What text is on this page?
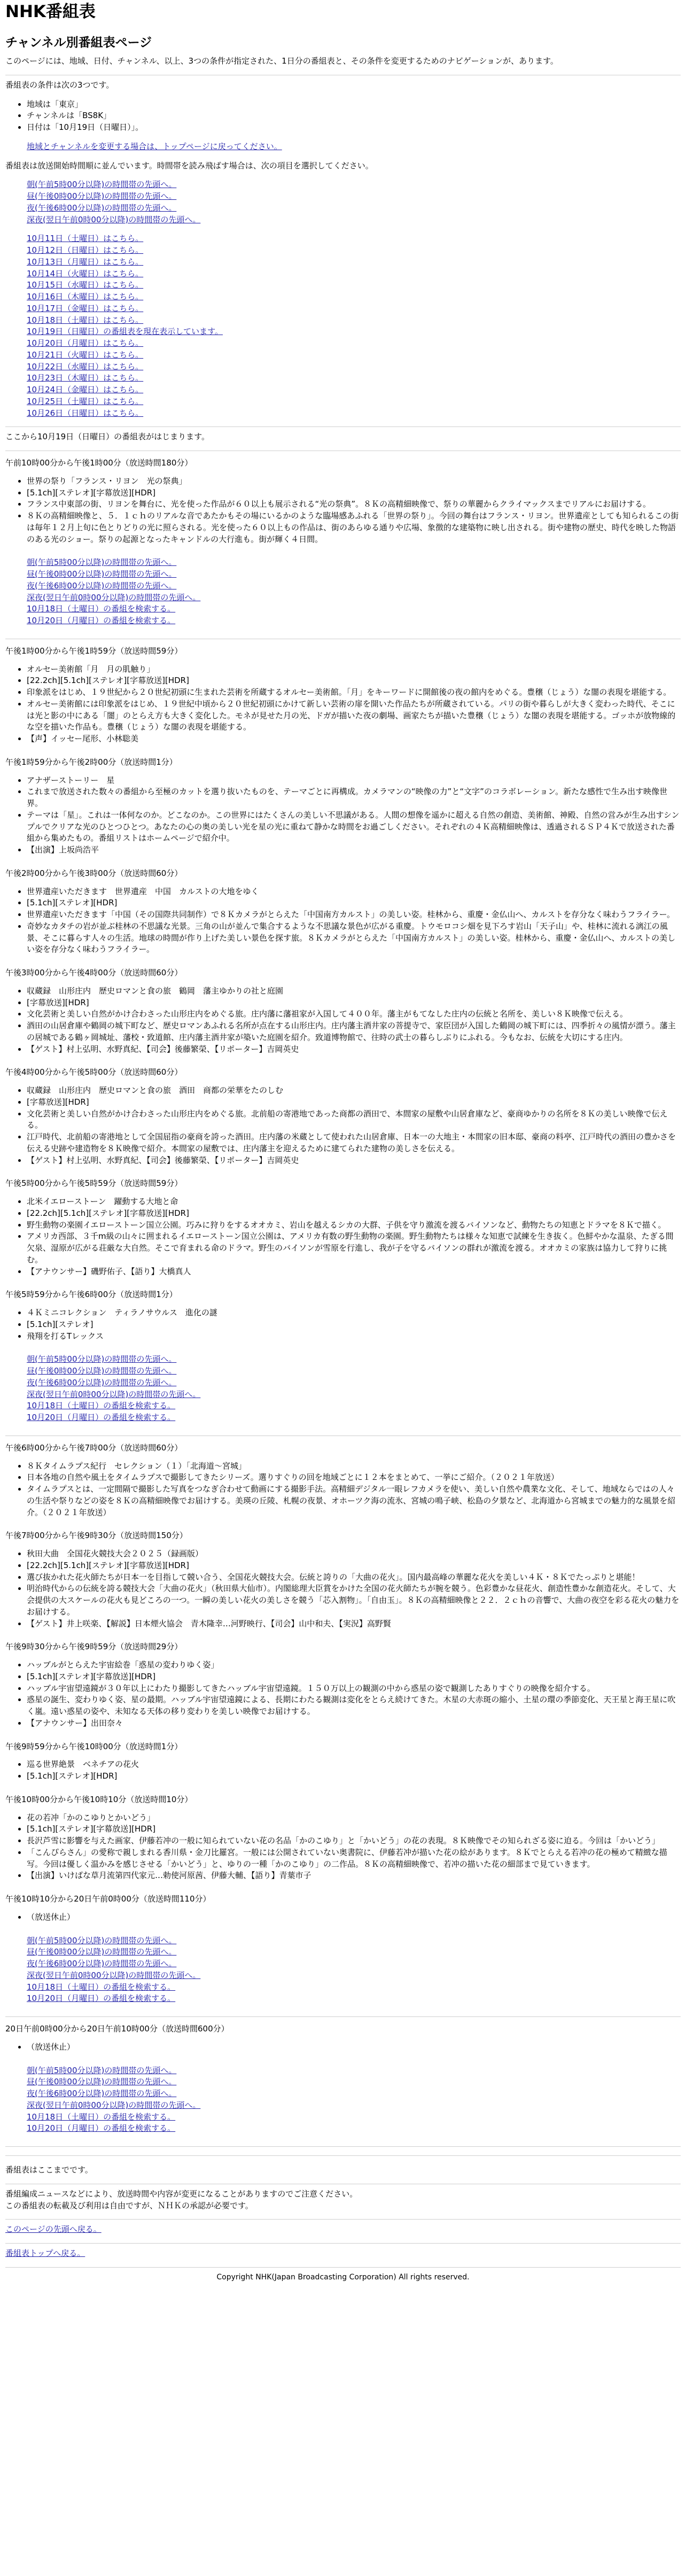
NHK番組表
チャンネル別番組表ページ

このページには、地域、日付、チャンネル、以上、3つの条件が指定された、1日分の番組表と、その条件を変更するためのナビゲーションが、あります。

番組表の条件は次の3つです。

• 地域は「東京」
• チャンネルは「BS8K」
• 日付は「10月19日（日曜日）」。
地域とチャンネルを変更する場合は、トップページに戻ってください。

番組表は放送開始時間順に並んでいます。時間帯を読み飛ばす場合は、次の項目を選択してください。

朝(午前5時00分以降)の時間帯の先頭へ。
昼(午後0時00分以降)の時間帯の先頭へ。
夜(午後6時00分以降)の時間帯の先頭へ。
深夜(翌日午前0時00分以降)の時間帯の先頭へ。
10月11日（土曜日）はこちら。
10月12日（日曜日）はこちら。
10月13日（月曜日）はこちら。
10月14日（火曜日）はこちら。
10月15日（水曜日）はこちら。
10月16日（木曜日）はこちら。
10月17日（金曜日）はこちら。
10月18日（土曜日）はこちら。
10月19日（日曜日）の番組表を現在表示しています。
10月20日（月曜日）はこちら。
10月21日（火曜日）はこちら。
10月22日（水曜日）はこちら。
10月23日（木曜日）はこちら。
10月24日（金曜日）はこちら。
10月25日（土曜日）はこちら。
10月26日（日曜日）はこちら。

ここから10月19日（日曜日）の番組表がはじまります。

午前10時00分から午後1時00分（放送時間180分）

• 世界の祭り「フランス・リヨン　光の祭典」
• [5.1ch][ステレオ][字幕放送][HDR]
• フランス中東部の街、リヨンを舞台に、光を使った作品が６０以上も展示される“光の祭典”。８Ｋの高精細映像で、祭りの華麗からクライマックスまでリアルにお届けする。
• ８Ｋの高精細映像と、５．１ｃｈのリアルな音であたかもその場にいるかのような臨場感あふれる「世界の祭り」。今回の舞台はフランス・リヨン。世界遺産としても知られるこの街は毎年１２月上旬に色とりどりの光に照らされる。光を使った６０以上もの作品は、街のあらゆる通りや広場、象徴的な建築物に映し出される。街や建物の歴史、時代を映した物語のある光のショー。祭りの起源となったキャンドルの大行進も。街が輝く４日間。
朝(午前5時00分以降)の時間帯の先頭へ。
昼(午後0時00分以降)の時間帯の先頭へ。
夜(午後6時00分以降)の時間帯の先頭へ。
深夜(翌日午前0時00分以降)の時間帯の先頭へ。
10月18日（土曜日）の番組を検索する。
10月20日（月曜日）の番組を検索する。

午後1時00分から午後1時59分（放送時間59分）

• オルセー美術館「月　月の肌触り」
• [22.2ch][5.1ch][ステレオ][字幕放送][HDR]
• 印象派をはじめ、１９世紀から２０世紀初頭に生まれた芸術を所蔵するオルセー美術館。「月」をキーワードに開館後の夜の館内をめぐる。豊穣（じょう）な闇の表現を堪能する。
• オルセー美術館には印象派をはじめ、１９世紀中頃から２０世紀初頭にかけて新しい芸術の扉を開いた作品たちが所蔵されている。パリの街や暮らしが大きく変わった時代、そこには光と影の中にある「闇」のとらえ方も大きく変化した。モネが見せた月の光、ドガが描いた夜の劇場、画家たちが描いた豊穣（じょう）な闇の表現を堪能する。ゴッホが放物線的な空を描いた作品も。豊穣（じょう）な闇の表現を堪能する。
• 【声】イッセー尾形、小林聡美

午後1時59分から午後2時00分（放送時間1分）

• アナザーストーリー　星
• これまで放送された数々の番組から至極のカットを選り抜いたものを、テーマごとに再構成。カメラマンの“映像の力”と“文字”のコラボレーション。新たな感性で生み出す映像世界。
• テーマは「星」。これは一体何なのか。どこなのか。この世界にはたくさんの美しい不思議がある。人間の想像を遥かに超える自然の創造、美術館、神殿、自然の営みが生み出すシンプルでクリアな光のひとつひとつ。あなたの心の奥の美しい光を星の光に重ねて静かな時間をお過ごしください。それぞれの４Ｋ高精細映像は、透過されるＳＰ４Ｋで放送された番組から集めたもの。番組リストはホームページで紹介中。
• 【出演】上坂尚浩平

午後2時00分から午後3時00分（放送時間60分）

• 世界遺産いただきます　世界遺産　中国　カルストの大地をゆく
• [5.1ch][ステレオ][HDR]
• 世界遺産いただきます「中国（その国際共同制作）で８Ｋカメラがとらえた「中国南方カルスト」の美しい姿。桂林から、重慶・金仏山へ、カルストを存分なく味わうフライラー。
• 奇妙なカタチの岩が並ぶ桂林の不思議な光景。三角の山が並んで集合するような不思議な景色が広がる重慶。トウモロコシ畑を見下ろす岩山「天子山」や、桂林に流れる漓江の風景、そこに暮らす人々の生活。地球の時間が作り上げた美しい景色を探す旅。８Ｋカメラがとらえた「中国南方カルスト」の美しい姿。桂林から、重慶・金仏山へ、カルストの美しい姿を存分なく味わうフライラー。

午後3時00分から午後4時00分（放送時間60分）

• 収蔵録　山形庄内　歴史ロマンと食の旅　鶴岡　藩主ゆかりの社と庭園
• [字幕放送][HDR]
• 文化芸術と美しい自然がかけ合わさった山形庄内をめぐる旅。庄内藩に藩祖家が入国して４００年。藩主がもてなした庄内の伝統と名所を、美しい８Ｋ映像で伝える。
• 酒田の山居倉庫や鶴岡の城下町など、歴史ロマンあふれる名所が点在する山形庄内。庄内藩主酒井家の菩提寺で、家臣団が入国した鶴岡の城下町には、四季折々の風情が漂う。藩主の居城である鶴ヶ岡城址、藩校・致道館、庄内藩主酒井家が築いた庭園を紹介。致道博物館で、往時の武士の暮らしぶりにふれる。今もなお、伝統を大切にする庄内。
• 【ゲスト】村上弘明、水野真紀、【司会】後藤繁榮、【リポーター】吉岡英史

午後4時00分から午後5時00分（放送時間60分）

• 収蔵録　山形庄内　歴史ロマンと食の旅　酒田　商都の栄華をたのしむ
• [字幕放送][HDR]
• 文化芸術と美しい自然がかけ合わさった山形庄内をめぐる旅。北前船の寄港地であった商都の酒田で、本間家の屋敷や山居倉庫など、豪商ゆかりの名所を８Ｋの美しい映像で伝える。
• 江戸時代、北前船の寄港地として全国屈指の豪商を誇った酒田。庄内藩の米蔵として使われた山居倉庫、日本一の大地主・本間家の旧本邸、豪商の料亭、江戸時代の酒田の豊かさを伝える史跡や建造物を８Ｋ映像で紹介。本間家の屋敷では、庄内藩主を迎えるために建てられた建物の美しさを伝える。
• 【ゲスト】村上弘明、水野真紀、【司会】後藤繁榮、【リポーター】吉岡英史

午後5時00分から午後5時59分（放送時間59分）

• 北米イエローストーン　躍動する大地と命
• [22.2ch][5.1ch][ステレオ][字幕放送][HDR]
• 野生動物の楽園イエローストーン国立公園。巧みに狩りをするオオカミ、岩山を越えるシカの大群、子供を守り激流を渡るバイソンなど、動物たちの知恵とドラマを８Ｋで描く。
• アメリカ西部、３千m級の山々に囲まれるイエローストーン国立公園は、アメリカ有数の野生動物の楽園。野生動物たちは様々な知恵で試練を生き抜く。色鮮やかな温泉、たぎる間欠泉、湿原が広がる荘厳な大自然。そこで育まれる命のドラマ。野生のバイソンが雪原を行進し、我が子を守るバイソンの群れが激流を渡る。オオカミの家族は協力して狩りに挑む。
• 【アナウンサー】磯野佑子、【語り】大橋真人

午後5時59分から午後6時00分（放送時間1分）

• ４Ｋミニコレクション　ティラノサウルス　進化の謎
• [5.1ch][ステレオ]
• 飛翔を打るTレックス
朝(午前5時00分以降)の時間帯の先頭へ。
昼(午後0時00分以降)の時間帯の先頭へ。
夜(午後6時00分以降)の時間帯の先頭へ。
深夜(翌日午前0時00分以降)の時間帯の先頭へ。
10月18日（土曜日）の番組を検索する。
10月20日（月曜日）の番組を検索する。

午後6時00分から午後7時00分（放送時間60分）

• ８Ｋタイムラプス紀行　セレクション（１）「北海道～宮城」
• 日本各地の自然や風土をタイムラプスで撮影してきたシリーズ。選りすぐりの回を地域ごとに１２本をまとめて、一挙にご紹介。（２０２１年放送）
• タイムラプスとは、一定間隔で撮影した写真をつなぎ合わせて動画にする撮影手法。高精細デジタル一眼レフカメラを使い、美しい自然や農業な文化、そして、地域ならではの人々の生活や祭りなどの姿を８Ｋの高精細映像でお届けする。美瑛の丘陵、札幌の夜景、オホーツク海の流氷、宮城の鳴子峡、松島の夕景など、北海道から宮城までの魅力的な風景を紹介。（２０２１年放送）

午後7時00分から午後9時30分（放送時間150分）

• 秋田大曲　全国花火競技大会２０２５（録画版）
• [22.2ch][5.1ch][ステレオ][字幕放送][HDR]
• 選び抜かれた花火師たちが日本一を目指して競い合う、全国花火競技大会。伝統と誇りの「大曲の花火」。国内最高峰の華麗な花火を美しい４Ｋ・８Ｋでたっぷりと堪能！
• 明治時代からの伝統を誇る競技大会「大曲の花火」（秋田県大仙市）。内閣総理大臣賞をかけた全国の花火師たちが腕を競う。色彩豊かな昼花火、創造性豊かな創造花火。そして、大会提供の大スケールの花火も見どころの一つ。一瞬の美しい花火の美しさを競う「芯入割物」。「自由玉」。８Ｋの高精細映像と２２．２ｃｈの音響で、大曲の夜空を彩る花火の魅力をお届けする。
• 【ゲスト】井上咲楽、【解説】日本煙火協会　青木隆幸…河野映行、【司会】山中和夫、【実況】高野賢

午後9時30分から午後9時59分（放送時間29分）

• ハッブルがとらえた宇宙絵巻「惑星の変わりゆく姿」
• [5.1ch][ステレオ][字幕放送][HDR]
• ハッブル宇宙望遠鏡が３０年以上にわたり撮影してきたハッブル宇宙望遠鏡。１５０万以上の観測の中から惑星の姿で観測したありすぐりの映像を紹介する。
• 惑星の誕生、変わりゆく姿、星の最期。ハッブル宇宙望遠鏡による、長期にわたる観測は変化をとらえ続けてきた。木星の大赤斑の縮小、土星の環の季節変化、天王星と海王星に吹く嵐。遠い惑星の姿や、未知なる天体の移り変わりを美しい映像でお届けする。
• 【アナウンサー】出田奈々

午後9時59分から午後10時00分（放送時間1分）

• 巡る世界絶景　ベネチアの花火
• [5.1ch][ステレオ][HDR]

午後10時00分から午後10時10分（放送時間10分）

• 花の若冲「かのこゆりとかいどう」
• [5.1ch][ステレオ][字幕放送][HDR]
• 長沢芦雪に影響を与えた画家、伊藤若冲の一般に知られていない花の名品「かのこゆり」と「かいどう」の花の表現。８Ｋ映像でその知られざる姿に迫る。今回は「かいどう」
• 「こんぴらさん」の愛称で親しまれる香川県・金刀比羅宮。一般には公開されていない奥書院に、伊藤若冲が描いた花の絵があります。８Ｋでとらえる若冲の花の極めて精緻な描写。今回は優しく温かみを感じさせる「かいどう」と、ゆりの一種「かのこゆり」の二作品。８Ｋの高精細映像で、若冲の描いた花の細部まで見ていきます。
• 【出演】いけばな草月流第四代家元…勅使河原茜、伊藤大輔、【語り】青葉市子

午後10時10分から20日午前0時00分（放送時間110分）

• （放送休止）
朝(午前5時00分以降)の時間帯の先頭へ。
昼(午後0時00分以降)の時間帯の先頭へ。
夜(午後6時00分以降)の時間帯の先頭へ。
深夜(翌日午前0時00分以降)の時間帯の先頭へ。
10月18日（土曜日）の番組を検索する。
10月20日（月曜日）の番組を検索する。

20日午前0時00分から20日午前10時00分（放送時間600分）

• （放送休止）
朝(午前5時00分以降)の時間帯の先頭へ。
昼(午後0時00分以降)の時間帯の先頭へ。
夜(午後6時00分以降)の時間帯の先頭へ。
深夜(翌日午前0時00分以降)の時間帯の先頭へ。
10月18日（土曜日）の番組を検索する。
10月20日（月曜日）の番組を検索する。

番組表はここまでです。

番組編成ニュースなどにより、放送時間や内容が変更になることがありますのでご注意ください。

この番組表の転載及び利用は自由ですが、ＮＨＫの承認が必要です。

このページの先頭へ戻る。
番組表トップへ戻る。
Copyright NHK(Japan Broadcasting Corporation) All rights reserved.
